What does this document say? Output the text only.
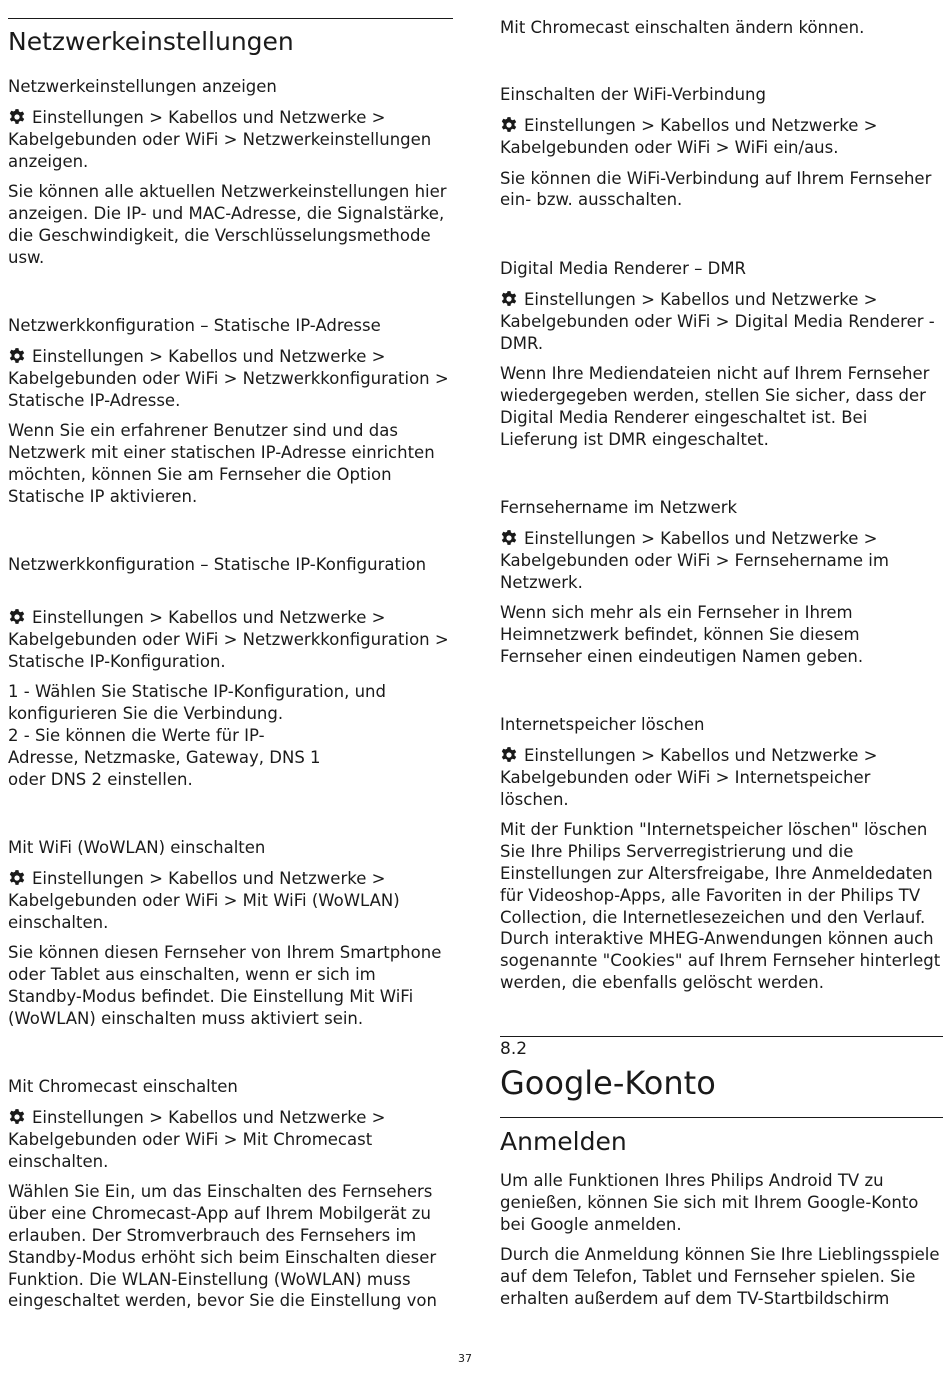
Netzwerkeinstellungen
Netzwerkeinstellungen anzeigen

Einstellungen > Kabellos und Netzwerke > Kabelgebunden oder WiFi > Netzwerkeinstellungen anzeigen.

Sie können alle aktuellen Netzwerkeinstellungen hier anzeigen. Die IP- und MAC-Adresse, die Signalstärke, die Geschwindigkeit, die Verschlüsselungsmethode usw.

Netzwerkkonfiguration – Statische IP-Adresse

Einstellungen > Kabellos und Netzwerke > Kabelgebunden oder WiFi > Netzwerkkonfiguration > Statische IP-Adresse.

Wenn Sie ein erfahrener Benutzer sind und das Netzwerk mit einer statischen IP-Adresse einrichten möchten, können Sie am Fernseher die Option Statische IP aktivieren.

Netzwerkkonfiguration – Statische IP-Konfiguration

Einstellungen > Kabellos und Netzwerke > Kabelgebunden oder WiFi > Netzwerkkonfiguration > Statische IP-Konfiguration.

1 - Wählen Sie Statische IP-Konfiguration, und konfigurieren Sie die Verbindung.

2 - Sie können die Werte für IP-

Adresse, Netzmaske, Gateway, DNS 1

oder DNS 2 einstellen.

Mit WiFi (WoWLAN) einschalten

Einstellungen > Kabellos und Netzwerke > Kabelgebunden oder WiFi > Mit WiFi (WoWLAN) einschalten.

Sie können diesen Fernseher von Ihrem Smartphone oder Tablet aus einschalten, wenn er sich im Standby-Modus befindet. Die Einstellung Mit WiFi (WoWLAN) einschalten muss aktiviert sein.

Mit Chromecast einschalten

Einstellungen > Kabellos und Netzwerke > Kabelgebunden oder WiFi > Mit Chromecast einschalten.

Wählen Sie Ein, um das Einschalten des Fernsehers über eine Chromecast-App auf Ihrem Mobilgerät zu erlauben. Der Stromverbrauch des Fernsehers im Standby-Modus erhöht sich beim Einschalten dieser Funktion. Die WLAN-Einstellung (WoWLAN) muss eingeschaltet werden, bevor Sie die Einstellung von

Mit Chromecast einschalten ändern können.

Einschalten der WiFi-Verbindung

Einstellungen > Kabellos und Netzwerke > Kabelgebunden oder WiFi > WiFi ein/aus.

Sie können die WiFi-Verbindung auf Ihrem Fernseher ein- bzw. ausschalten.

Digital Media Renderer – DMR

Einstellungen > Kabellos und Netzwerke > Kabelgebunden oder WiFi > Digital Media Renderer - DMR.

Wenn Ihre Mediendateien nicht auf Ihrem Fernseher wiedergegeben werden, stellen Sie sicher, dass der Digital Media Renderer eingeschaltet ist. Bei Lieferung ist DMR eingeschaltet.

Fernsehername im Netzwerk

Einstellungen > Kabellos und Netzwerke > Kabelgebunden oder WiFi > Fernsehername im Netzwerk.

Wenn sich mehr als ein Fernseher in Ihrem Heimnetzwerk befindet, können Sie diesem Fernseher einen eindeutigen Namen geben.

Internetspeicher löschen

Einstellungen > Kabellos und Netzwerke > Kabelgebunden oder WiFi > Internetspeicher löschen.

Mit der Funktion "Internetspeicher löschen" löschen Sie Ihre Philips Serverregistrierung und die Einstellungen zur Altersfreigabe, Ihre Anmeldedaten für Videoshop-Apps, alle Favoriten in der Philips TV Collection, die Internetlesezeichen und den Verlauf. Durch interaktive MHEG-Anwendungen können auch sogenannte "Cookies" auf Ihrem Fernseher hinterlegt werden, die ebenfalls gelöscht werden.

8.2
Google-Konto
Anmelden

Um alle Funktionen Ihres Philips Android TV zu genießen, können Sie sich mit Ihrem Google-Konto bei Google anmelden.

Durch die Anmeldung können Sie Ihre Lieblingsspiele auf dem Telefon, Tablet und Fernseher spielen. Sie erhalten außerdem auf dem TV-Startbildschirm

37
